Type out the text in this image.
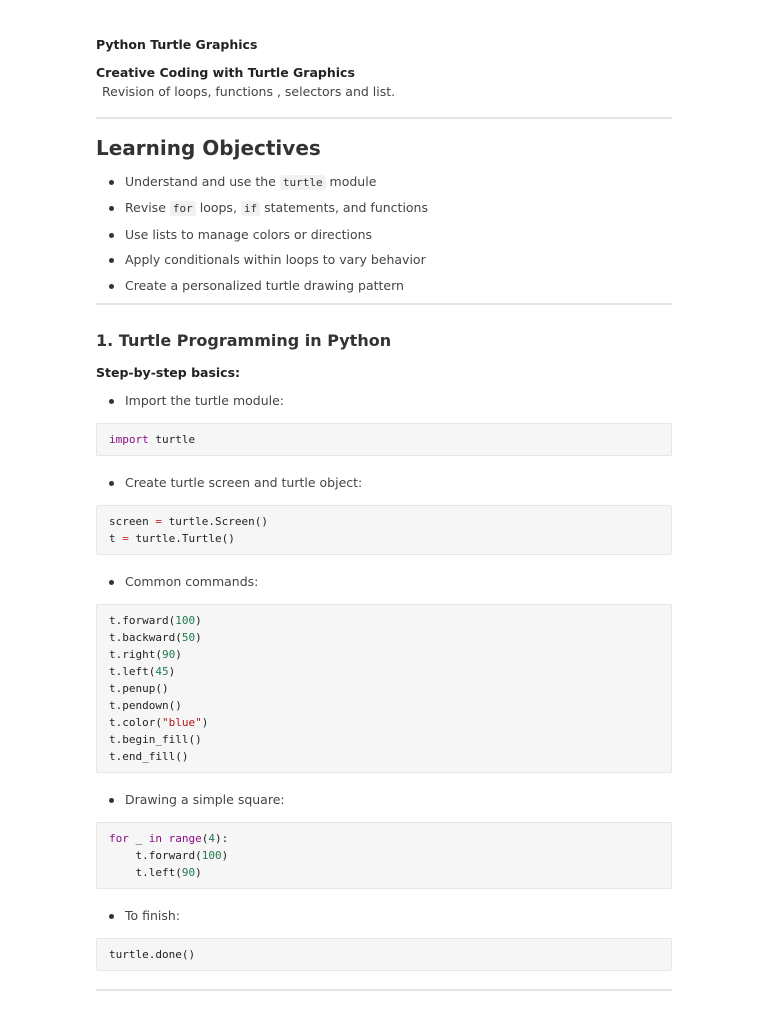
Python Turtle Graphics
Creative Coding with Turtle Graphics
Revision of loops, functions , selectors and list.
Learning Objectives
Understand and use the turtle module
Revise for loops, if statements, and functions
Use lists to manage colors or directions
Apply conditionals within loops to vary behavior
Create a personalized turtle drawing pattern
1. Turtle Programming in Python
Step-by-step basics:
Import the turtle module:
import turtle
Create turtle screen and turtle object:
screen = turtle.Screen()
t = turtle.Turtle()
Common commands:
t.forward(100)
t.backward(50)
t.right(90)
t.left(45)
t.penup()
t.pendown()
t.color("blue")
t.begin_fill()
t.end_fill()
Drawing a simple square:
for _ in range(4):
t.forward(100)
t.left(90)
To finish:
turtle.done()
